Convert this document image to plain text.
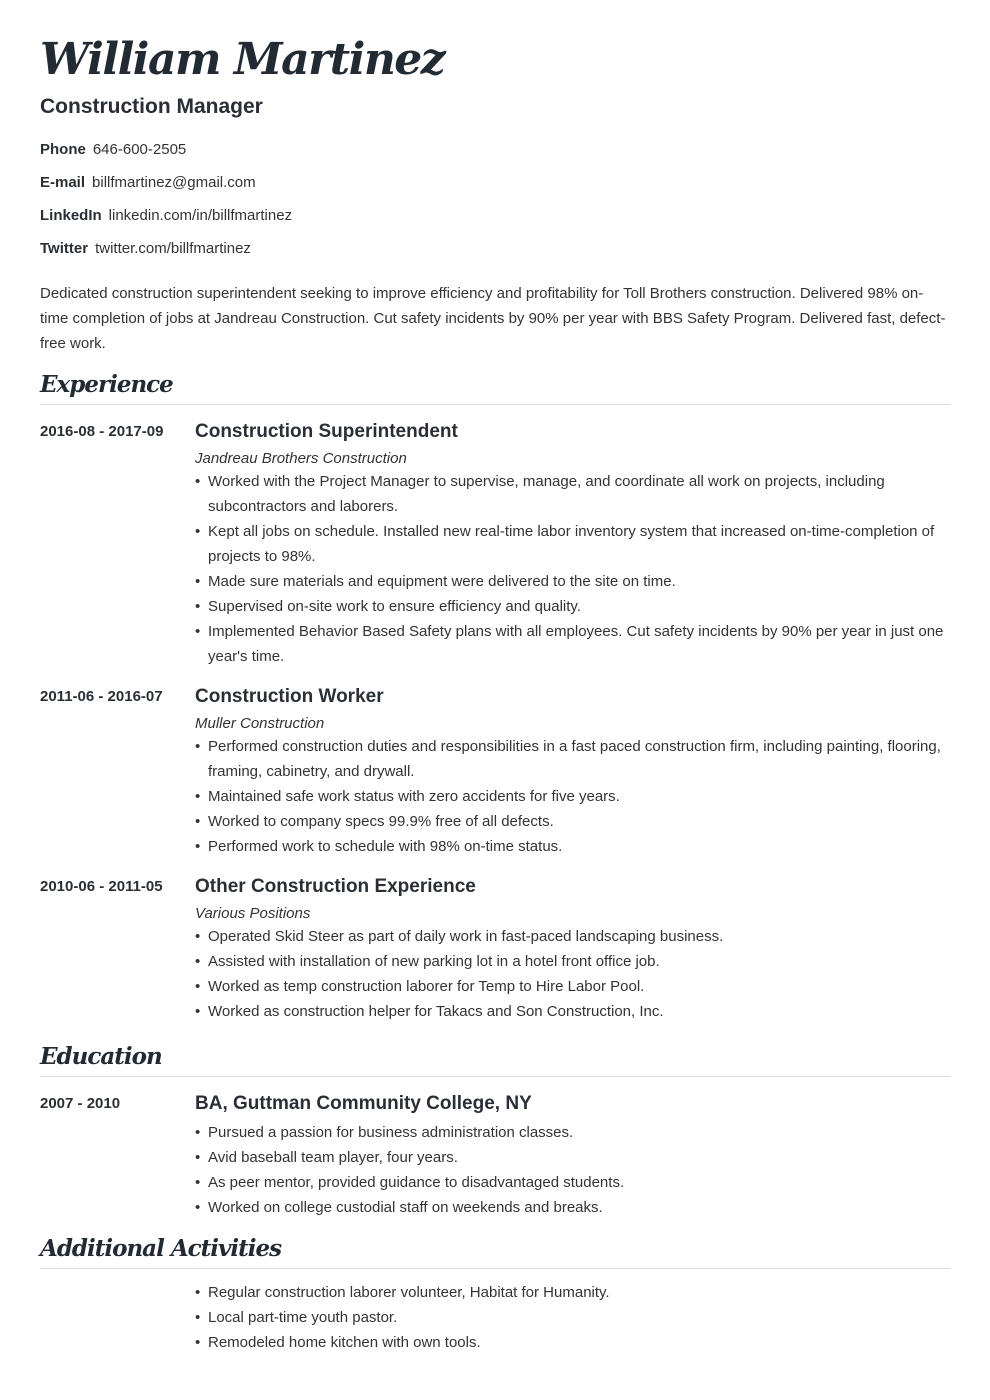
William Martinez
Construction Manager
Phone 646-600-2505
E-mail billfmartinez@gmail.com
LinkedIn linkedin.com/in/billfmartinez
Twitter twitter.com/billfmartinez
Dedicated construction superintendent seeking to improve efficiency and profitability for Toll Brothers construction. Delivered 98% on-time completion of jobs at Jandreau Construction. Cut safety incidents by 90% per year with BBS Safety Program. Delivered fast, defect-free work.
Experience
2016-08 - 2017-09 Construction Superintendent
Jandreau Brothers Construction
• Worked with the Project Manager to supervise, manage, and coordinate all work on projects, including subcontractors and laborers.
• Kept all jobs on schedule. Installed new real-time labor inventory system that increased on-time-completion of projects to 98%.
• Made sure materials and equipment were delivered to the site on time.
• Supervised on-site work to ensure efficiency and quality.
• Implemented Behavior Based Safety plans with all employees. Cut safety incidents by 90% per year in just one year's time.
2011-06 - 2016-07 Construction Worker
Muller Construction
• Performed construction duties and responsibilities in a fast paced construction firm, including painting, flooring, framing, cabinetry, and drywall.
• Maintained safe work status with zero accidents for five years.
• Worked to company specs 99.9% free of all defects.
• Performed work to schedule with 98% on-time status.
2010-06 - 2011-05 Other Construction Experience
Various Positions
• Operated Skid Steer as part of daily work in fast-paced landscaping business.
• Assisted with installation of new parking lot in a hotel front office job.
• Worked as temp construction laborer for Temp to Hire Labor Pool.
• Worked as construction helper for Takacs and Son Construction, Inc.
Education
2007 - 2010	BA, Guttman Community College, NY
• Pursued a passion for business administration classes.
• Avid baseball team player, four years.
• As peer mentor, provided guidance to disadvantaged students.
• Worked on college custodial staff on weekends and breaks.
Additional Activities
• Regular construction laborer volunteer, Habitat for Humanity.
• Local part-time youth pastor.
• Remodeled home kitchen with own tools.
